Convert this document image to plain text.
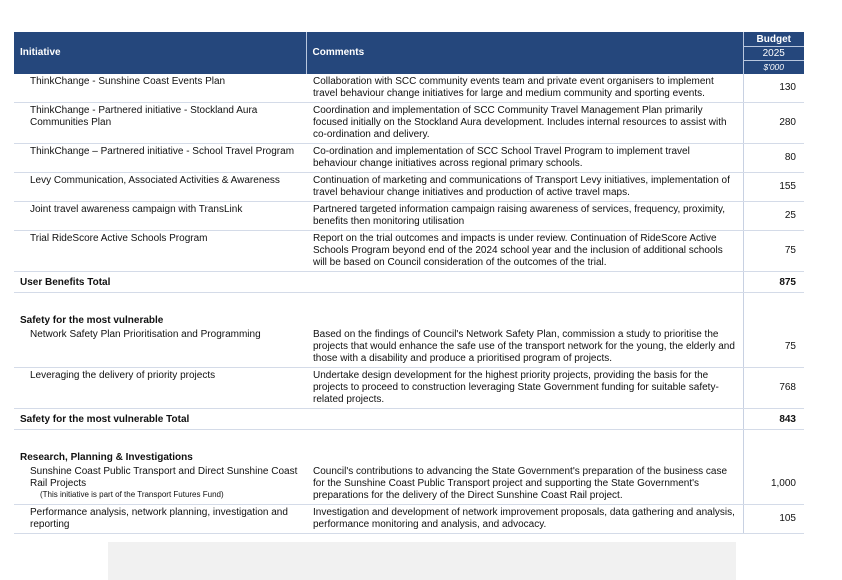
Initiative	Comments	Budget
2025
$'000

ThinkChange - Sunshine Coast Events Plan	Collaboration with SCC community events team and private event organisers to implement travel behaviour change initiatives for large and medium community and sporting events.	130
ThinkChange - Partnered initiative - Stockland Aura Communities Plan	Coordination and implementation of SCC Community Travel Management Plan primarily focused initially on the Stockland Aura development. Includes internal resources to assist with co-ordination and delivery.	280
ThinkChange – Partnered initiative - School Travel Program	Co-ordination and implementation of SCC School Travel Program to implement travel behaviour change initiatives across regional primary schools.	80
Levy Communication, Associated Activities & Awareness	Continuation of marketing and communications of Transport Levy initiatives, implementation of travel behaviour change initiatives and production of active travel maps.	155
Joint travel awareness campaign with TransLink	Partnered targeted information campaign raising awareness of services, frequency, proximity, benefits then monitoring utilisation	25
Trial RideScore Active Schools Program	Report on the trial outcomes and impacts is under review. Continuation of RideScore Active Schools Program beyond end of the 2024 school year and the inclusion of additional schools will be based on Council consideration of the outcomes of the trial.	75
User Benefits Total		875
Safety for the most vulnerable		
Network Safety Plan Prioritisation and Programming	Based on the findings of Council's Network Safety Plan, commission a study to prioritise the projects that would enhance the safe use of the transport network for the young, the elderly and those with a disability and produce a prioritised program of projects.	75
Leveraging the delivery of priority projects	Undertake design development for the highest priority projects, providing the basis for the projects to proceed to construction leveraging State Government funding for suitable safety-related projects.	768
Safety for the most vulnerable Total		843
Research, Planning & Investigations		
Sunshine Coast Public Transport and Direct Sunshine Coast Rail Projects
(This initiative is part of the Transport Futures Fund)	Council's contributions to advancing the State Government's preparation of the business case for the Sunshine Coast Public Transport project and supporting the State Government's preparations for the delivery of the Direct Sunshine Coast Rail project.	1,000
Performance analysis, network planning, investigation and reporting	Investigation and development of network improvement proposals, data gathering and analysis, performance monitoring and analysis, and advocacy.	105
